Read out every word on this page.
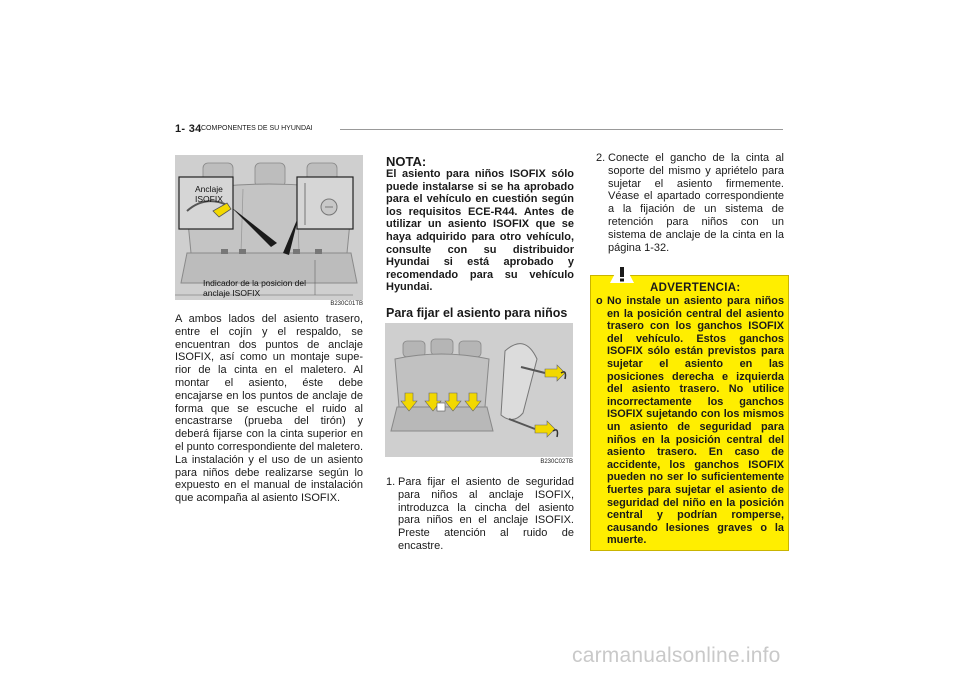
1- 34 COMPONENTES DE SU HYUNDAI
Anclaje
ISOFIX
Indicador de la posicion del
anclaje ISOFIX
B230C01TB
A ambos lados del asiento trasero, entre el cojín y el respaldo, se encuentran dos puntos de anclaje ISOFIX, así como un montaje supe- rior de la cinta en el maletero. Al montar el asiento, éste debe encajarse en los puntos de anclaje de forma que se escuche el ruido al encastrarse (prueba del tirón) y deberá fijarse con la cinta superior en el punto correspondiente del maletero. La instalación y el uso de un asiento para niños debe realizarse según lo expuesto en el manual de instalación que acompaña al asiento ISOFIX.
NOTA:
El asiento para niños ISOFIX sólo puede instalarse si se ha aprobado para el vehículo en cuestión según los requisitos ECE-R44. Antes de utilizar un asiento ISOFIX que se haya adquirido para otro vehículo, consulte con su distribuidor Hyundai si está aprobado y recomendado para su vehículo Hyundai.
Para fijar el asiento para niños
B230C02TB
1. Para fijar el asiento de seguridad para niños al anclaje ISOFIX, introduzca la cincha del asiento para niños en el anclaje ISOFIX. Preste atención al ruido de encastre.
2. Conecte el gancho de la cinta al soporte del mismo y apriételo para sujetar el asiento firmemente. Véase el apartado correspondiente a la fijación de un sistema de retención para niños con un sistema de anclaje de la cinta en la página 1-32.
ADVERTENCIA:
o No instale un asiento para niños en la posición central del asiento trasero con los ganchos ISOFIX del vehículo. Estos ganchos ISOFIX sólo están previstos para sujetar el asiento en las posiciones derecha e izquierda del asiento trasero. No utilice incorrectamente los ganchos ISOFIX sujetando con los mismos un asiento de seguridad para niños en la posición central del asiento trasero. En caso de accidente, los ganchos ISOFIX pueden no ser lo suficientemente fuertes para sujetar el asiento de seguridad del niño en la posición central y podrían romperse, causando lesiones graves o la muerte.
carmanualsonline.info
